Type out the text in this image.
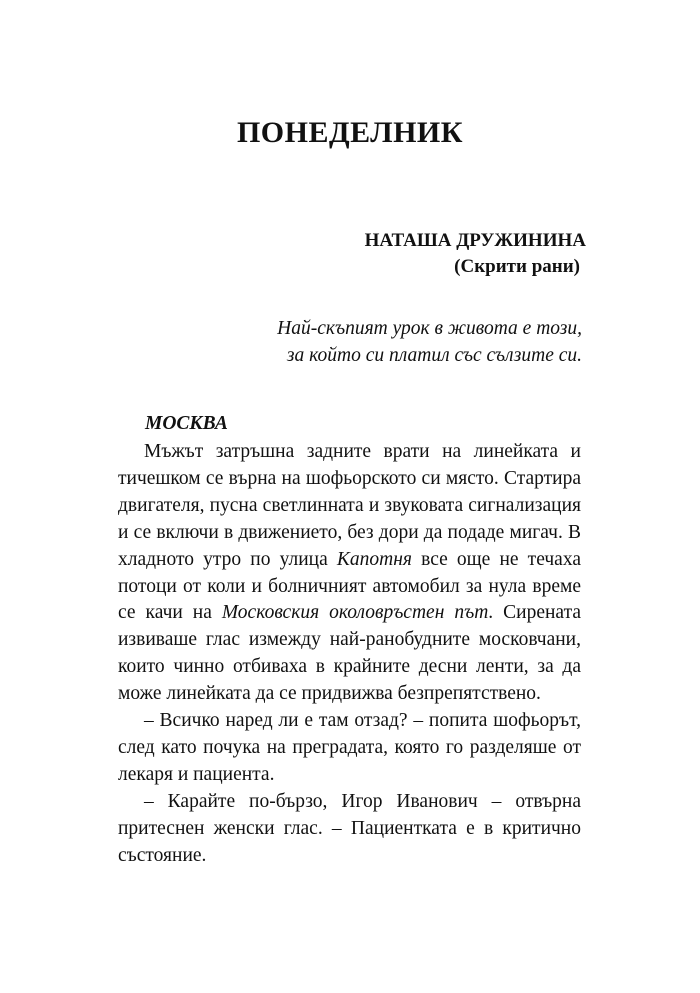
ПОНЕДЕЛНИК

НАТАША ДРУЖИНИНА

(Скрити рани)

Най-скъпият урок в живота е този,
за който си платил със сълзите си.
МОСКВА

Мъжът затръшна задните врати на линейката и тичешком се върна на шофьорското си място. Стартира двигателя, пусна светлинната и звуковата сигнализация и се включи в движението, без дори да подаде мигач. В хладното утро по улица Капотня все още не течаха потоци от коли и болничният автомобил за нула време се качи на Московския околовръстен път. Сирената извиваше глас измежду най-ранобудните московчани, които чинно отбиваха в крайните десни ленти, за да може линейката да се придвижва безпрепятствено.

– Всичко наред ли е там отзад? – попита шофьорът, след като почука на преградата, която го разделяше от лекаря и пациента.

– Карайте по-бързо, Игор Иванович – отвърна притеснен женски глас. – Пациентката е в критично състояние.
